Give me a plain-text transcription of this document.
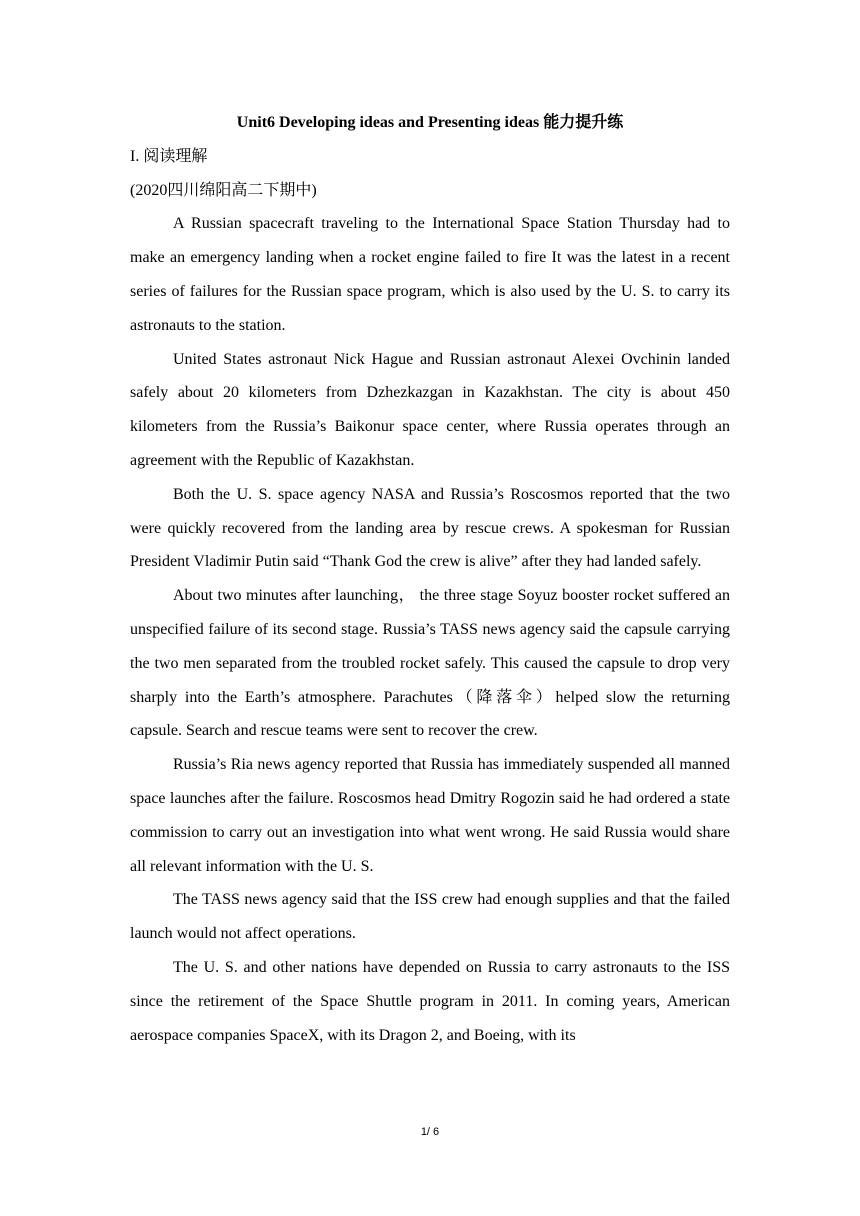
Unit6 Developing ideas and Presenting ideas 能力提升练

I. 阅读理解

(2020四川绵阳高二下期中)

A Russian spacecraft traveling to the International Space Station Thursday had to make an emergency landing when a rocket engine failed to fire It was the latest in a recent series of failures for the Russian space program, which is also used by the U. S. to carry its astronauts to the station.

United States astronaut Nick Hague and Russian astronaut Alexei Ovchinin landed safely about 20 kilometers from Dzhezkazgan in Kazakhstan. The city is about 450 kilometers from the Russia’s Baikonur space center, where Russia operates through an agreement with the Republic of Kazakhstan.

Both the U. S. space agency NASA and Russia’s Roscosmos reported that the two were quickly recovered from the landing area by rescue crews. A spokesman for Russian President Vladimir Putin said “Thank God the crew is alive” after they had landed safely.

About two minutes after launching， the three stage Soyuz booster rocket suffered an unspecified failure of its second stage. Russia’s TASS news agency said the capsule carrying the two men separated from the troubled rocket safely. This caused the capsule to drop very sharply into the Earth’s atmosphere. Parachutes（降落伞）helped slow the returning capsule. Search and rescue teams were sent to recover the crew.

Russia’s Ria news agency reported that Russia has immediately suspended all manned space launches after the failure. Roscosmos head Dmitry Rogozin said he had ordered a state commission to carry out an investigation into what went wrong. He said Russia would share all relevant information with the U. S.

The TASS news agency said that the ISS crew had enough supplies and that the failed launch would not affect operations.

The U. S. and other nations have depended on Russia to carry astronauts to the ISS since the retirement of the Space Shuttle program in 2011. In coming years, American aerospace companies SpaceX, with its Dragon 2, and Boeing, with its

1/ 6
